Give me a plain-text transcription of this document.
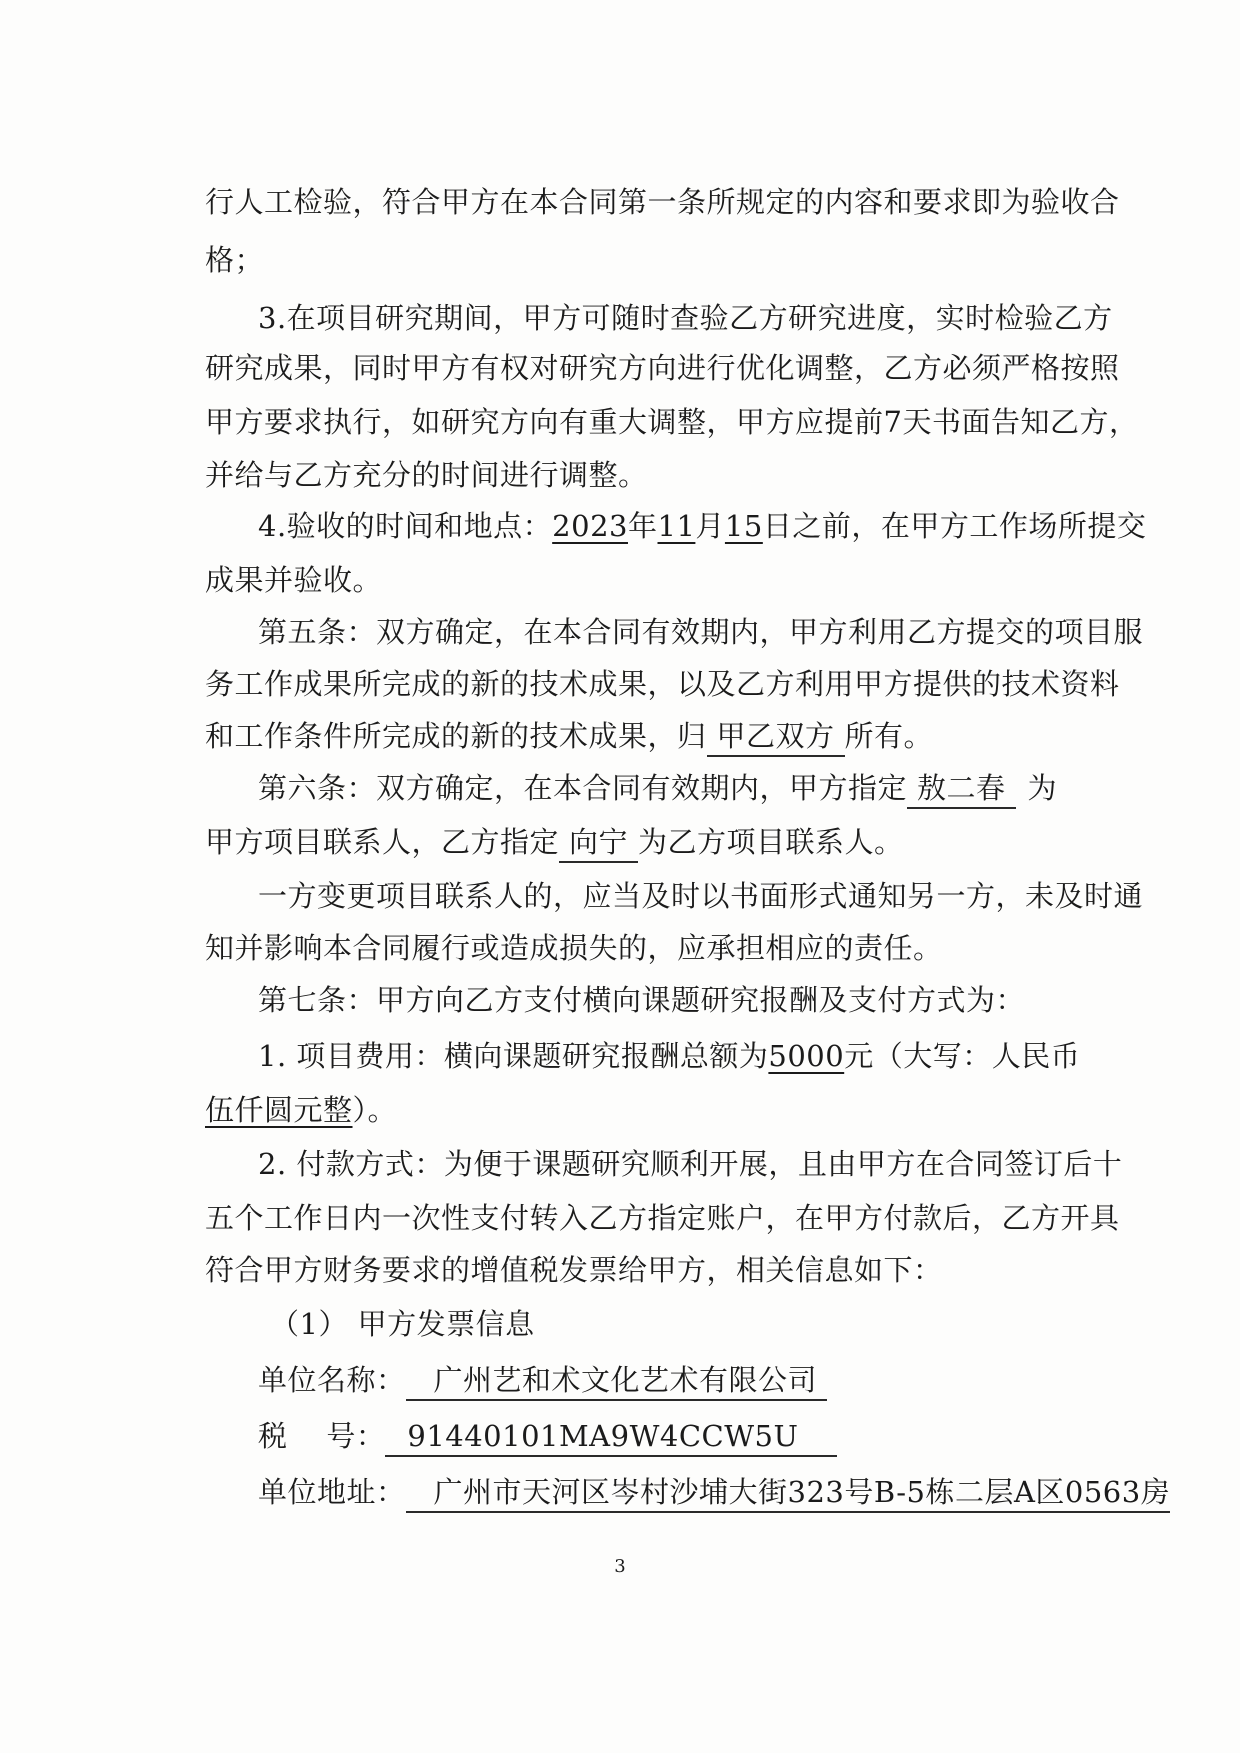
行人工检验，符合甲方在本合同第一条所规定的内容和要求即为验收合
格；
3.在项目研究期间，甲方可随时查验乙方研究进度，实时检验乙方
研究成果，同时甲方有权对研究方向进行优化调整，乙方必须严格按照
甲方要求执行，如研究方向有重大调整，甲方应提前7天书面告知乙方，
并给与乙方充分的时间进行调整。
4.验收的时间和地点：2023年11月15日之前，在甲方工作场所提交
成果并验收。
第五条：双方确定，在本合同有效期内，甲方利用乙方提交的项目服
务工作成果所完成的新的技术成果，以及乙方利用甲方提供的技术资料
和工作条件所完成的新的技术成果，归 甲乙双方 所有。
第六条：双方确定，在本合同有效期内，甲方指定 敖二春 为
甲方项目联系人，乙方指定 向宁 为乙方项目联系人。
一方变更项目联系人的，应当及时以书面形式通知另一方，未及时通
知并影响本合同履行或造成损失的，应承担相应的责任。
第七条：甲方向乙方支付横向课题研究报酬及支付方式为：
1. 项目费用：横向课题研究报酬总额为5000元（大写：人民币
伍仟圆元整）。
2. 付款方式：为便于课题研究顺利开展，且由甲方在合同签订后十
五个工作日内一次性支付转入乙方指定账户，在甲方付款后，乙方开具
符合甲方财务要求的增值税发票给甲方，相关信息如下：
（1） 甲方发票信息
单位名称： 广州艺和术文化艺术有限公司
税    号： 91440101MA9W4CCW5U
单位地址： 广州市天河区岑村沙埔大街323号B-5栋二层A区0563房
3
